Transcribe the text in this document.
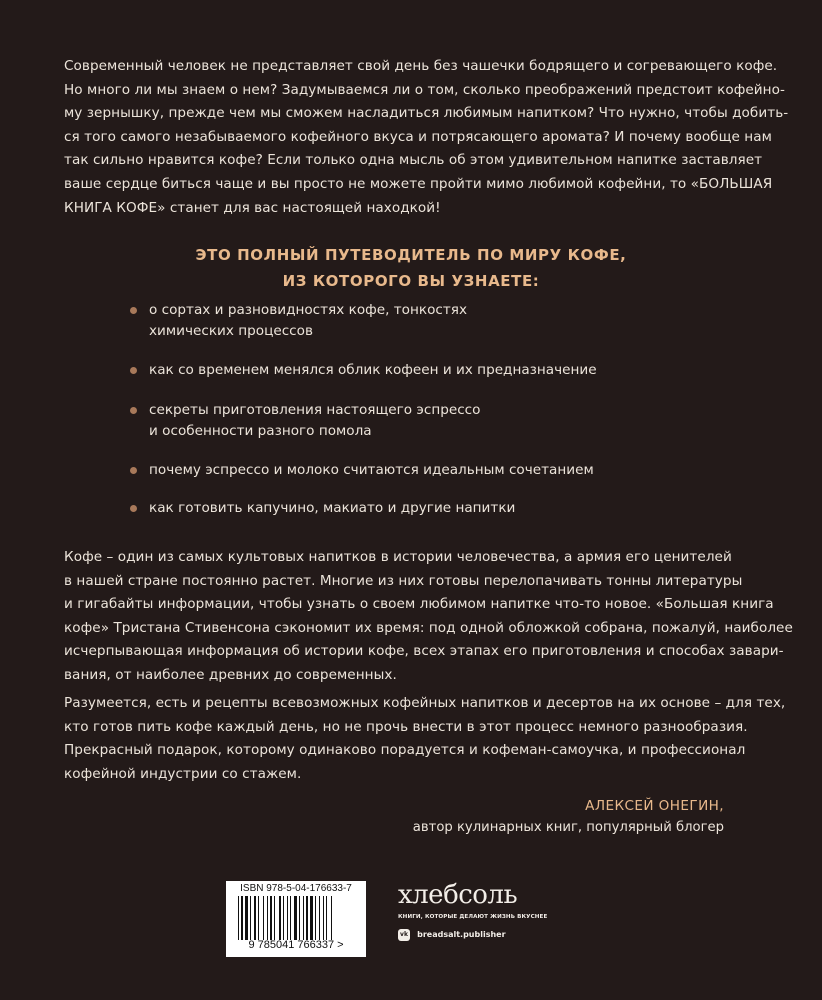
Современный человек не представляет свой день без чашечки бодрящего и согревающего кофе.
Но много ли мы знаем о нем? Задумываемся ли о том, сколько преображений предстоит кофейно-
му зернышку, прежде чем мы сможем насладиться любимым напитком? Что нужно, чтобы добить-
ся того самого незабываемого кофейного вкуса и потрясающего аромата? И почему вообще нам
так сильно нравится кофе? Если только одна мысль об этом удивительном напитке заставляет
ваше сердце биться чаще и вы просто не можете пройти мимо любимой кофейни, то «БОЛЬШАЯ
КНИГА КОФЕ» станет для вас настоящей находкой!

ЭТО ПОЛНЫЙ ПУТЕВОДИТЕЛЬ ПО МИРУ КОФЕ,
ИЗ КОТОРОГО ВЫ УЗНАЕТЕ:
о сортах и разновидностях кофе, тонкостях
химических процессов
как со временем менялся облик кофеен и их предназначение
секреты приготовления настоящего эспрессо
и особенности разного помола
почему эспрессо и молоко считаются идеальным сочетанием
как готовить капучино, макиато и другие напитки

Кофе – один из самых культовых напитков в истории человечества, а армия его ценителей
в нашей стране постоянно растет. Многие из них готовы перелопачивать тонны литературы
и гигабайты информации, чтобы узнать о своем любимом напитке что-то новое. «Большая книга
кофе» Тристана Стивенсона сэкономит их время: под одной обложкой собрана, пожалуй, наиболее
исчерпывающая информация об истории кофе, всех этапах его приготовления и способах завари-
вания, от наиболее древних до современных.

Разумеется, есть и рецепты всевозможных кофейных напитков и десертов на их основе – для тех,
кто готов пить кофе каждый день, но не прочь внести в этот процесс немного разнообразия.
Прекрасный подарок, которому одинаково порадуется и кофеман-самоучка, и профессионал
кофейной индустрии со стажем.

АЛЕКСЕЙ ОНЕГИН,
автор кулинарных книг, популярный блогер
ISBN 978-5-04-176633-7
9 785041 766337 >
хлебсоль
КНИГИ, КОТОРЫЕ ДЕЛАЮТ ЖИЗНЬ ВКУСНЕЕ
vk breadsalt.publisher
